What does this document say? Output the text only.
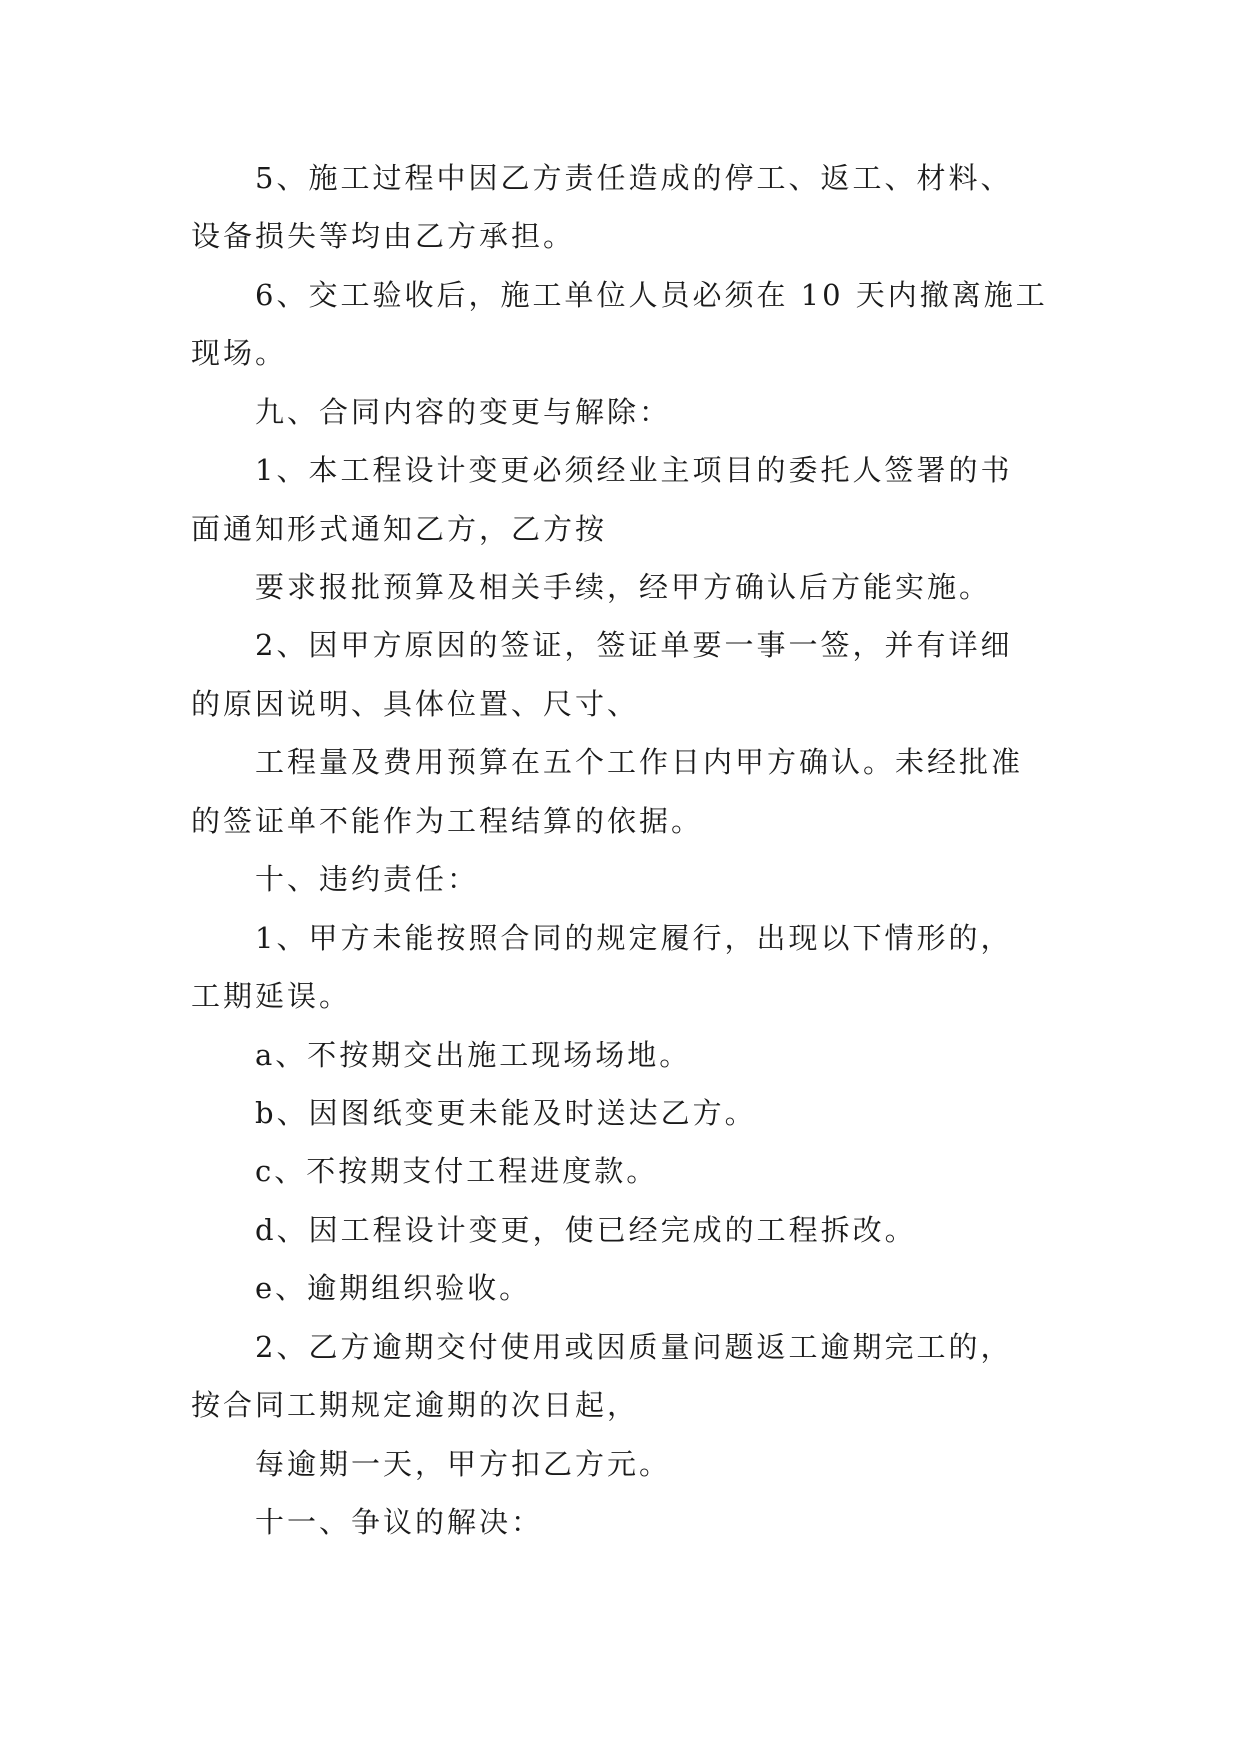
5、施工过程中因乙方责任造成的停工、返工、材料、
设备损失等均由乙方承担。
6、交工验收后，施工单位人员必须在 10 天内撤离施工
现场。
九、合同内容的变更与解除：
1、本工程设计变更必须经业主项目的委托人签署的书
面通知形式通知乙方，乙方按
要求报批预算及相关手续，经甲方确认后方能实施。
2、因甲方原因的签证，签证单要一事一签，并有详细
的原因说明、具体位置、尺寸、
工程量及费用预算在五个工作日内甲方确认。未经批准
的签证单不能作为工程结算的依据。
十、违约责任：
1、甲方未能按照合同的规定履行，出现以下情形的，
工期延误。
a、不按期交出施工现场场地。
b、因图纸变更未能及时送达乙方。
c、不按期支付工程进度款。
d、因工程设计变更，使已经完成的工程拆改。
e、逾期组织验收。
2、乙方逾期交付使用或因质量问题返工逾期完工的，
按合同工期规定逾期的次日起，
每逾期一天，甲方扣乙方元。
十一、争议的解决：
